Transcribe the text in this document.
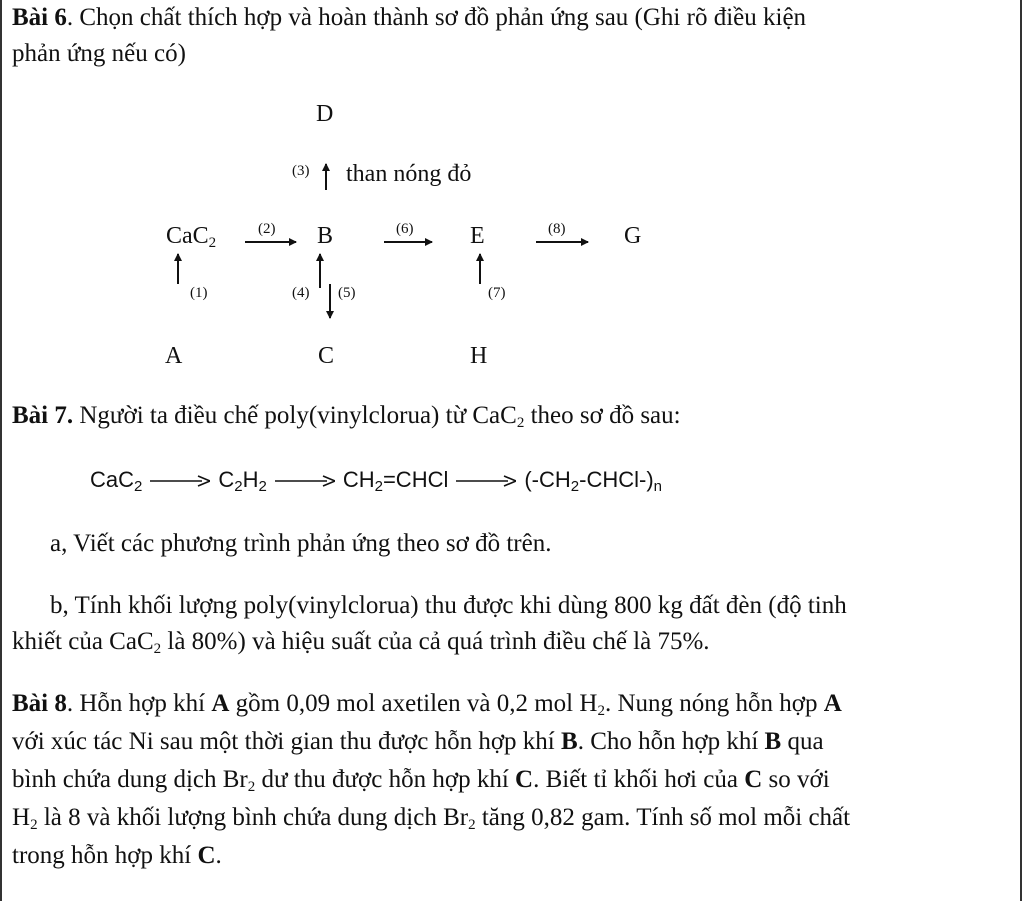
Bài 6. Chọn chất thích hợp và hoàn thành sơ đồ phản ứng sau (Ghi rõ điều kiện
phản ứng nếu có)
D
(3) than nóng đỏ
CaC$_2$
(2) B	(6) E	(8) G
(1)	(4) (5)	(7)
A	C	H
Bài 7. Người ta điều chế poly(vinylclorua) từ CaC$_2$ theo sơ đồ sau:
CaC$_2$	$C_2H_2$	$CH_2=CHCl$	$(-CH_2-CHCl-)_n$
a, Viết các phương trình phản ứng theo sơ đồ trên.
b, Tính khối lượng poly(vinylclorua) thu được khi dùng 800 kg đất đèn (độ tinh
khiết của CaC$_2$ là 80%) và hiệu suất của cả quá trình điều chế là 75%.
Bài 8. Hỗn hợp khí A gồm 0,09 mol axetilen và 0,2 mol $H_2$. Nung nóng hỗn hợp A
với xúc tác Ni sau một thời gian thu được hỗn hợp khí B. Cho hỗn hợp khí B qua
bình chứa dung dịch $Br_2$ dư thu được hỗn hợp khí C. Biết tỉ khối hơi của C so với
$H_2$ là 8 và khối lượng bình chứa dung dịch $Br_2$ tăng 0,82 gam. Tính số mol mỗi chất
trong hỗn hợp khí C.
